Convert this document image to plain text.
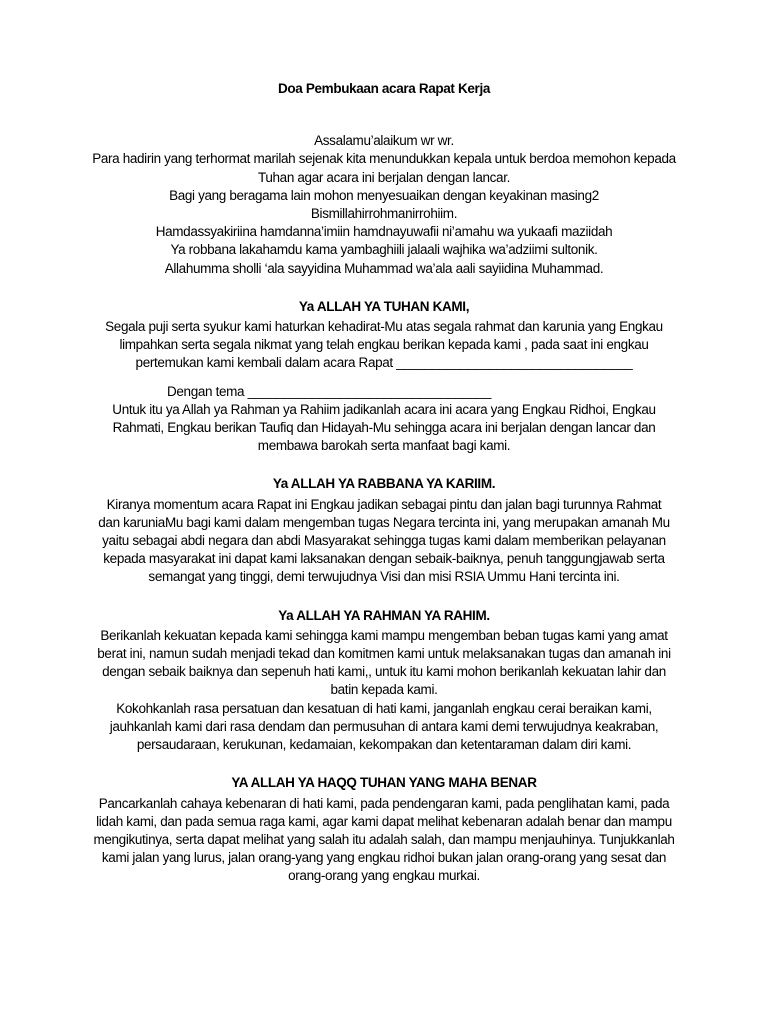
Doa Pembukaan acara Rapat Kerja

Assalamu’alaikum wr wr.

Para hadirin yang terhormat marilah sejenak kita menundukkan kepala untuk berdoa memohon kepada

Tuhan agar acara ini berjalan dengan lancar.

Bagi yang beragama lain mohon menyesuaikan dengan keyakinan masing2

Bismillahirrohmanirrohiim.

Hamdassyakiriina hamdanna’imiin hamdnayuwafii ni’amahu wa yukaafi maziidah

Ya robbana lakahamdu kama yambaghiili jalaali wajhika wa’adziimi sultonik.

Allahumma sholli ‘ala sayyidina Muhammad wa’ala aali sayiidina Muhammad.

Ya ALLAH YA TUHAN KAMI,

Segala puji serta syukur kami haturkan kehadirat-Mu atas segala rahmat dan karunia yang Engkau

limpahkan serta segala nikmat yang telah engkau berikan kepada kami , pada saat ini engkau

pertemukan kami kembali dalam acara Rapat _________________________________

Dengan tema __________________________________

Untuk itu ya Allah ya Rahman ya Rahiim jadikanlah acara ini acara yang Engkau Ridhoi, Engkau

Rahmati, Engkau berikan Taufiq dan Hidayah-Mu sehingga acara ini berjalan dengan lancar dan

membawa barokah serta manfaat bagi kami.

Ya ALLAH YA RABBANA YA KARIIM.

Kiranya momentum acara Rapat ini Engkau jadikan sebagai pintu dan jalan bagi turunnya Rahmat

dan karuniaMu bagi kami dalam mengemban tugas Negara tercinta ini, yang merupakan amanah Mu

yaitu sebagai abdi negara dan abdi Masyarakat sehingga tugas kami dalam memberikan pelayanan

kepada masyarakat ini dapat kami laksanakan dengan sebaik-baiknya, penuh tanggungjawab serta

semangat yang tinggi, demi terwujudnya Visi dan misi RSIA Ummu Hani tercinta ini.

Ya ALLAH YA RAHMAN YA RAHIM.

Berikanlah kekuatan kepada kami sehingga kami mampu mengemban beban tugas kami yang amat

berat ini, namun sudah menjadi tekad dan komitmen kami untuk melaksanakan tugas dan amanah ini

dengan sebaik baiknya dan sepenuh hati kami,, untuk itu kami mohon berikanlah kekuatan lahir dan

batin kepada kami.

Kokohkanlah rasa persatuan dan kesatuan di hati kami, janganlah engkau cerai beraikan kami,

jauhkanlah kami dari rasa dendam dan permusuhan di antara kami demi terwujudnya keakraban,

persaudaraan, kerukunan, kedamaian, kekompakan dan ketentaraman dalam diri kami.

YA ALLAH YA HAQQ TUHAN YANG MAHA BENAR

Pancarkanlah cahaya kebenaran di hati kami, pada pendengaran kami, pada penglihatan kami, pada

lidah kami, dan pada semua raga kami, agar kami dapat melihat kebenaran adalah benar dan mampu

mengikutinya, serta dapat melihat yang salah itu adalah salah, dan mampu menjauhinya. Tunjukkanlah

kami jalan yang lurus, jalan orang-yang yang engkau ridhoi bukan jalan orang-orang yang sesat dan

orang-orang yang engkau murkai.
